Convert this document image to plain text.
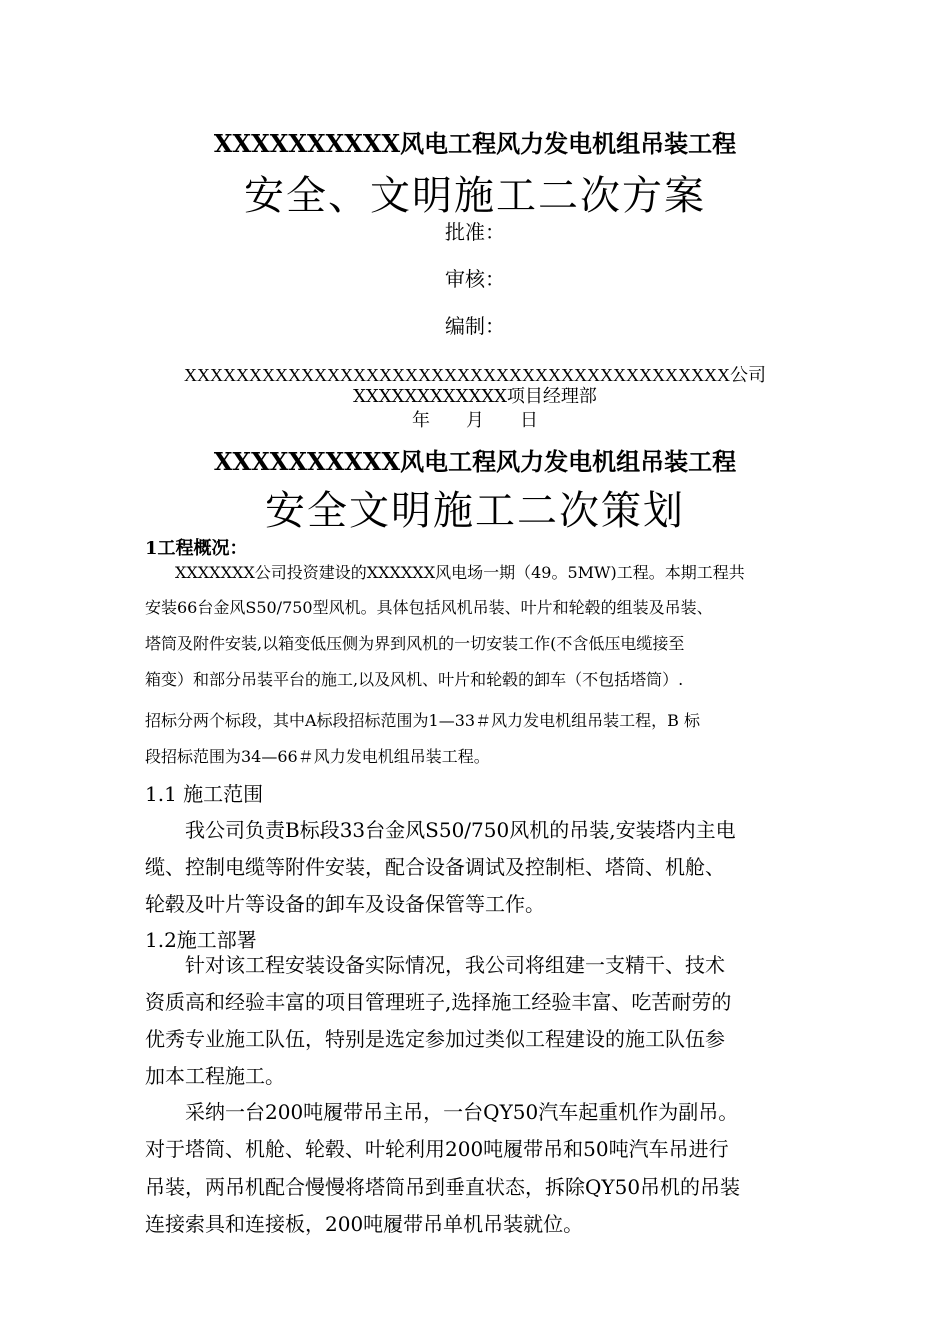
XXXXXXXXXX风电工程风力发电机组吊装工程
安全、文明施工二次方案
批准：
审核：
编制：
XXXXXXXXXXXXXXXXXXXXXXXXXXXXXXXXXXXXXXXXXX公司
XXXXXXXXXXXX项目经理部
年　　月　　日
XXXXXXXXXX风电工程风力发电机组吊装工程
安全文明施工二次策划
1工程概况：
XXXXXXX公司投资建设的XXXXXX风电场一期（49。5MW)工程。本期工程共
安装66台金风S50/750型风机。具体包括风机吊装、叶片和轮毂的组装及吊装、
塔筒及附件安装,以箱变低压侧为界到风机的一切安装工作(不含低压电缆接至
箱变）和部分吊装平台的施工,以及风机、叶片和轮毂的卸车（不包括塔筒）.
招标分两个标段，其中A标段招标范围为1—33＃风力发电机组吊装工程，B 标
段招标范围为34—66＃风力发电机组吊装工程。
1.1 施工范围
我公司负责B标段33台金风S50/750风机的吊装,安装塔内主电
缆、控制电缆等附件安装，配合设备调试及控制柜、塔筒、机舱、
轮毂及叶片等设备的卸车及设备保管等工作。
1.2施工部署
针对该工程安装设备实际情况，我公司将组建一支精干、技术
资质高和经验丰富的项目管理班子,选择施工经验丰富、吃苦耐劳的
优秀专业施工队伍，特别是选定参加过类似工程建设的施工队伍参
加本工程施工。
采纳一台200吨履带吊主吊，一台QY50汽车起重机作为副吊。
对于塔筒、机舱、轮毂、叶轮利用200吨履带吊和50吨汽车吊进行
吊装，两吊机配合慢慢将塔筒吊到垂直状态，拆除QY50吊机的吊装
连接索具和连接板，200吨履带吊单机吊装就位。
